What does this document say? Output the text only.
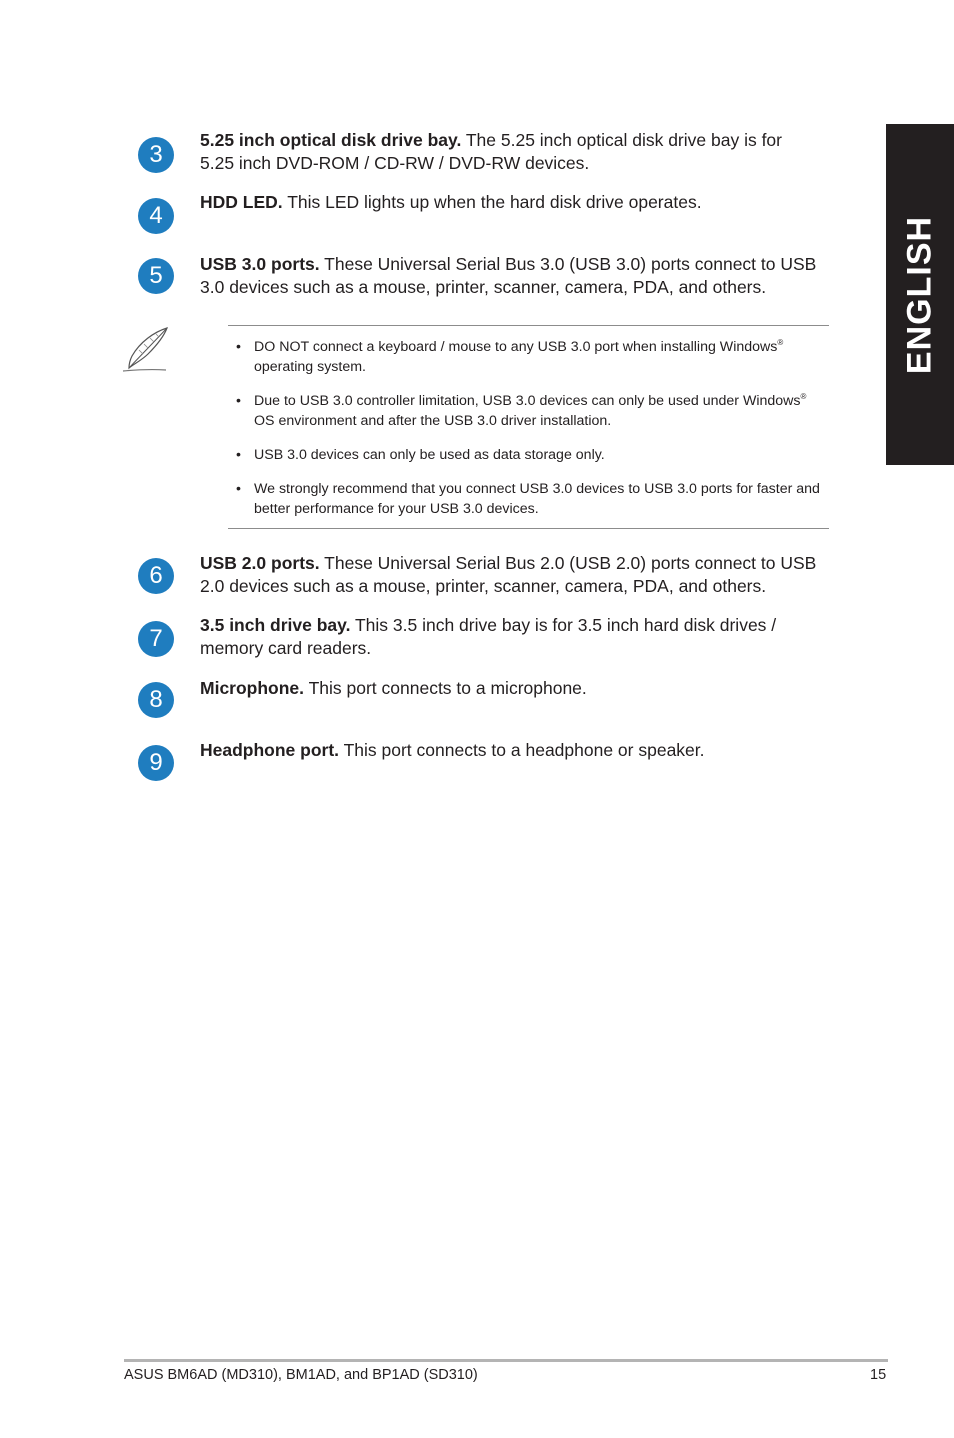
ENGLISH
3

5.25 inch optical disk drive bay. The 5.25 inch optical disk drive bay is for 5.25 inch DVD-ROM / CD-RW / DVD-RW devices.

4	HDD LED. This LED lights up when the hard disk drive operates.

5	USB 3.0 ports. These Universal Serial Bus 3.0 (USB 3.0) ports connect to USB 3.0 devices such as a mouse, printer, scanner, camera, PDA, and others.

• DO NOT connect a keyboard / mouse to any USB 3.0 port when installing Windows® operating system.
• Due to USB 3.0 controller limitation, USB 3.0 devices can only be used under Windows® OS environment and after the USB 3.0 driver installation.
• USB 3.0 devices can only be used as data storage only.
• We strongly recommend that you connect USB 3.0 devices to USB 3.0 ports for faster and better performance for your USB 3.0 devices.
6	USB 2.0 ports. These Universal Serial Bus 2.0 (USB 2.0) ports connect to USB 2.0 devices such as a mouse, printer, scanner, camera, PDA, and others.

7	3.5 inch drive bay. This 3.5 inch drive bay is for 3.5 inch hard disk drives / memory card readers.

8	Microphone. This port connects to a microphone.

9	Headphone port. This port connects to a headphone or speaker.

ASUS BM6AD (MD310), BM1AD, and BP1AD (SD310)	15
